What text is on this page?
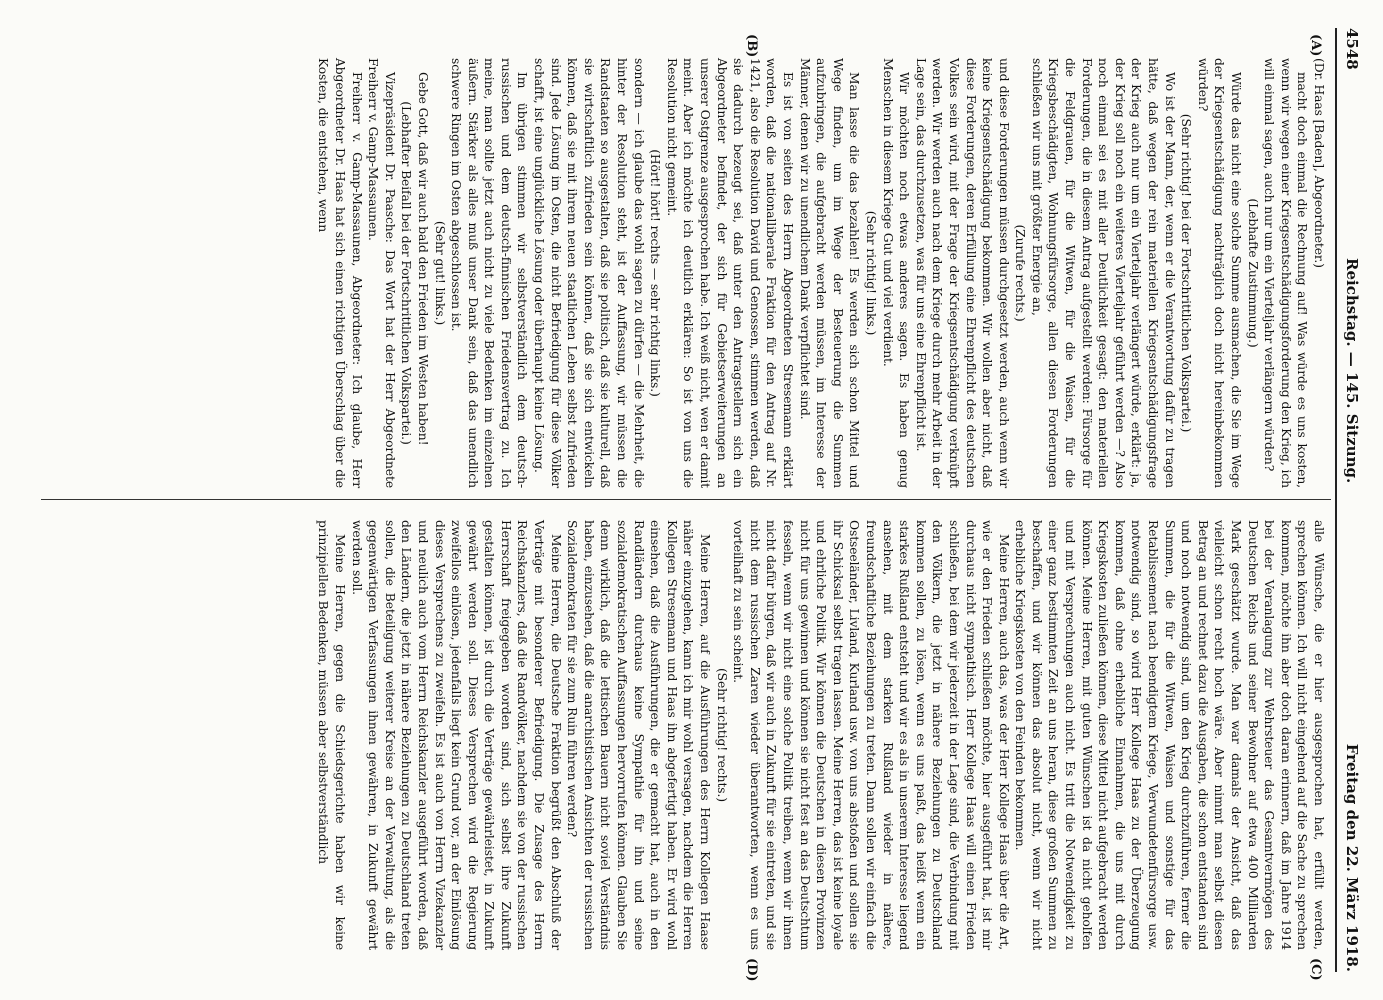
4548
Reichstag. — 145. Sitzung.
Freitag den 22. März 1918.
(A)
(B)
(C)
(D)

(Dr. Haas [Baden], Abgeordneter.)

macht doch einmal die Rechnung auf! Was würde es uns kosten, wenn wir wegen einer Kriegsentschädigungsforderung den Krieg, ich will einmal sagen, auch nur um ein Vierteljahr verlängern würden?

(Lebhafte Zustimmung.)

Würde das nicht eine solche Summe ausmachen, die Sie im Wege der Kriegsentschädigung nachträglich doch nicht hereinbekommen würden?

(Sehr richtig! bei der Fortschrittlichen Volkspartei.)

Wo ist der Mann, der, wenn er die Verantwortung dafür zu tragen hätte, daß wegen der rein materiellen Kriegsentschädigungsfrage der Krieg auch nur um ein Vierteljahr verlängert würde, erklärt: ja, der Krieg soll noch ein weiteres Vierteljahr geführt werden —? Also noch einmal sei es mit aller Deutlichkeit gesagt: den materiellen Forderungen, die in diesem Antrag aufgestellt werden: Fürsorge für die Feldgrauen, für die Witwen, für die Waisen, für die Kriegsbeschädigten, Wohnungsfürsorge, allen diesen Forderungen schließen wir uns mit größter Energie an,

(Zurufe rechts.)

und diese Forderungen müssen durchgesetzt werden, auch wenn wir keine Kriegsentschädigung bekommen. Wir wollen aber nicht, daß diese Forderungen, deren Erfüllung eine Ehrenpflicht des deutschen Volkes sein wird, mit der Frage der Kriegsentschädigung verknüpft werden. Wir werden auch nach dem Kriege durch mehr Arbeit in der Lage sein, das durchzusetzen, was für uns eine Ehrenpflicht ist.

Wir möchten noch etwas anderes sagen. Es haben genug Menschen in diesem Kriege Gut und viel verdient.

(Sehr richtig! links.)

Man lasse die das bezahlen! Es werden sich schon Mittel und Wege finden, um im Wege der Besteuerung die Summen aufzubringen, die aufgebracht werden müssen, im Interesse der Männer, denen wir zu unendlichem Dank verpflichtet sind.

Es ist von seiten des Herrn Abgeordneten Stresemann erklärt worden, daß die nationalliberale Fraktion für den Antrag auf Nr. 1421, also die Resolution David und Genossen, stimmen werden, daß sie dadurch bezeugt sei, daß unter den Antragstellern sich ein Abgeordneter befindet, der sich für Gebietserweiterungen an unserer Ostgrenze ausgesprochen habe. Ich weiß nicht, wen er damit meint. Aber ich möchte ich deutlich erklären: So ist von uns die Resolution nicht gemeint.

(Hört! hört! rechts — sehr richtig links.)

sondern — ich glaube das wohl sagen zu dürfen — die Mehrheit, die hinter der Resolution steht, ist der Auffassung, wir müssen die Randstaaten so ausgestalten, daß sie politisch, daß sie kulturell, daß sie wirtschaftlich zufrieden sein können, daß sie sich entwickeln können, daß sie mit ihrem neuen staatlichen Leben selbst zufrieden sind. Jede Lösung im Osten, die nicht Befriedigung für diese Völker schafft, ist eine unglückliche Lösung oder überhaupt keine Lösung.

Im übrigen stimmen wir selbstverständlich dem deutsch-russischen und dem deutsch-finnischen Friedensvertrag zu. Ich meine, man sollte jetzt auch nicht zu viele Bedenken im einzelnen äußern. Stärker als alles muß unser Dank sein, daß das unendlich schwere Ringen im Osten abgeschlossen ist.

(Sehr gut! links.)

Gebe Gott, daß wir auch bald den Frieden im Westen haben!

(Lebhafter Beifall bei der Fortschrittlichen Volkspartei.)

Vizepräsident Dr. Paasche: Das Wort hat der Herr Abgeordnete Freiherr v. Gamp-Massaunen.

Freiherr v. Gamp-Massaunen, Abgeordneter: Ich glaube, Herr Abgeordneter Dr. Haas hat sich einen richtigen Überschlag über die Kosten, die entstehen, wenn

alle Wünsche, die er hier ausgesprochen hat, erfüllt werden, sprechen können. Ich will nicht eingehend auf die Sache zu sprechen kommen, möchte ihn aber doch daran erinnern, daß im Jahre 1914 bei der Veranlagung zur Wehrsteuer das Gesamtvermögen des Deutschen Reichs und seiner Bewohner auf etwa 400 Milliarden Mark geschätzt wurde. Man war damals der Ansicht, daß das vielleicht schon recht hoch wäre. Aber nimmt man selbst diesen Betrag an und rechnet dazu die Ausgaben, die schon entstanden sind und noch notwendig sind, um den Krieg durchzuführen, ferner die Summen, die für die Witwen, Waisen und sonstige für das Retablissement nach beendigtem Kriege, Verwundetenfürsorge usw. notwendig sind, so wird Herr Kollege Haas zu der Überzeugung kommen, daß ohne erhebliche Einnahmen, die uns mit durch Kriegskosten zuließen können, diese Mittel nicht aufgebracht werden können. Meine Herren, mit guten Wünschen ist da nicht geholfen und mit Versprechungen auch nicht. Es tritt die Notwendigkeit zu einer ganz bestimmten Zeit an uns heran, diese großen Summen zu beschaffen, und wir können das absolut nicht, wenn wir nicht erhebliche Kriegskosten von den Feinden bekommen.

Meine Herren, auch das, was der Herr Kollege Haas über die Art, wie er den Frieden schließen möchte, hier ausgeführt hat, ist mir durchaus nicht sympathisch. Herr Kollege Haas will einen Frieden schließen, bei dem wir jederzeit in der Lage sind, die Verbindung mit den Völkern, die jetzt in nähere Beziehungen zu Deutschland kommen sollen, zu lösen, wenn es uns paßt, das heißt wenn ein starkes Rußland entsteht und wir es als in unserem Interesse liegend ansehen, mit dem starken Rußland wieder in nähere, freundschaftliche Beziehungen zu treten. Dann sollen wir einfach die Ostseeländer, Livland, Kurland usw. von uns abstoßen und sollen sie ihr Schicksal selbst tragen lassen. Meine Herren, das ist keine loyale und ehrliche Politik. Wir können die Deutschen in diesen Provinzen nicht für uns gewinnen und können sie nicht fest an das Deutschtum fesseln, wenn wir nicht eine solche Politik treiben, wenn wir ihnen nicht dafür bürgen, daß wir auch in Zukunft für sie eintreten, und sie nicht dem russischen Zaren wieder überantworten, wenn es uns vorteilhaft zu sein scheint.

(Sehr richtig! rechts.)

Meine Herren, auf die Ausführungen des Herrn Kollegen Haase näher einzugehen, kann ich mir wohl versagen, nachdem die Herren Kollegen Stresemann und Haas ihn abgefertigt haben. Er wird wohl einsehen, daß die Ausführungen, die er gemacht hat, auch in den Randländern durchaus keine Sympathie für ihn und seine sozialdemokratischen Auffassungen hervorrufen können. Glauben Sie denn wirklich, daß die lettischen Bauern nicht soviel Verständnis haben, einzusehen, daß die anarchistischen Ansichten der russischen Sozialdemokraten für sie zum Ruin führen werden?

Meine Herren, die Deutsche Fraktion begrüßt den Abschluß der Verträge mit besonderer Befriedigung. Die Zusage des Herrn Reichskanzlers, daß die Randvölker, nachdem sie von der russischen Herrschaft freigegeben worden sind, sich selbst ihre Zukunft gestalten können, ist durch die Verträge gewährleistet, in Zukunft gewährt werden soll. Dieses Versprechen wird die Regierung zweifellos einlösen, jedenfalls liegt kein Grund vor, an der Einlösung dieses Versprechens zu zweifeln. Es ist auch von Herrn Vizekanzler und neulich auch vom Herrn Reichskanzler ausgeführt worden, daß den Ländern, die jetzt in nähere Beziehungen zu Deutschland treten sollen, die Beteiligung weiterer Kreise an der Verwaltung, als die gegenwärtigen Verfassungen ihnen gewähren, in Zukunft gewährt werden soll.

Meine Herren, gegen die Schiedsgerichte haben wir keine prinzipiellen Bedenken, müssen aber selbstverständlich
